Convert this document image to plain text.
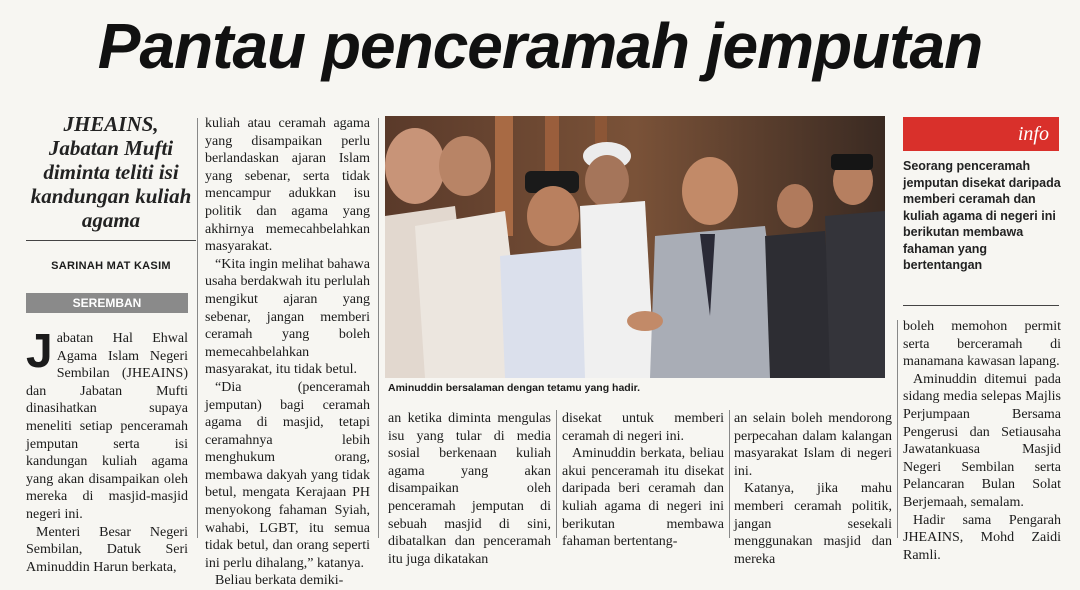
Pantau penceramah jemputan
JHEAINS, Jabatan Mufti diminta teliti isi kandungan kuliah agama
SARINAH MAT KASIM
SEREMBAN

Jabatan Hal Ehwal Agama Islam Negeri Sembilan (JHEAINS) dan Jabatan Mufti dinasihatkan supaya meneliti setiap penceramah jemputan serta isi kandungan kuliah agama yang akan disampaikan oleh mereka di masjid-masjid negeri ini.

Menteri Besar Negeri Sembilan, Datuk Seri Aminuddin Harun berkata,

kuliah atau ceramah agama yang disampaikan perlu berlandaskan ajaran Islam yang sebenar, serta tidak mencampur adukkan isu politik dan agama yang akhirnya memecahbelahkan masyarakat.

“Kita ingin melihat bahawa usaha berdakwah itu perlulah mengikut ajaran yang sebenar, jangan memberi ceramah yang boleh memecahbelahkan masyarakat, itu tidak betul.

“Dia (penceramah jemputan) bagi ceramah agama di masjid, tetapi ceramahnya lebih menghukum orang, membawa dakyah yang tidak betul, mengata Kerajaan PH menyokong fahaman Syiah, wahabi, LGBT, itu semua tidak betul, dan orang seperti ini perlu dihalang,” katanya.

Beliau berkata demiki-

Aminuddin bersalaman dengan tetamu yang hadir.

an ketika diminta mengulas isu yang tular di media sosial berkenaan kuliah agama yang akan disampaikan oleh penceramah jemputan di sebuah masjid di sini, dibatalkan dan penceramah itu juga dikatakan

disekat untuk memberi ceramah di negeri ini.

Aminuddin berkata, beliau akui penceramah itu disekat daripada beri ceramah dan kuliah agama di negeri ini berikutan membawa fahaman bertentang-

an selain boleh mendorong perpecahan dalam kalangan masyarakat Islam di negeri ini.

Katanya, jika mahu memberi ceramah politik, jangan sesekali menggunakan masjid dan mereka

info
Seorang penceramah jemputan disekat daripada memberi ceramah dan kuliah agama di negeri ini berikutan membawa fahaman yang bertentangan

boleh memohon permit serta berceramah di manamana kawasan lapang.

Aminuddin ditemui pada sidang media selepas Majlis Perjumpaan Bersama Pengerusi dan Setiausaha Jawatankuasa Masjid Negeri Sembilan serta Pelancaran Bulan Solat Berjemaah, semalam.

Hadir sama Pengarah JHEAINS, Mohd Zaidi Ramli.
